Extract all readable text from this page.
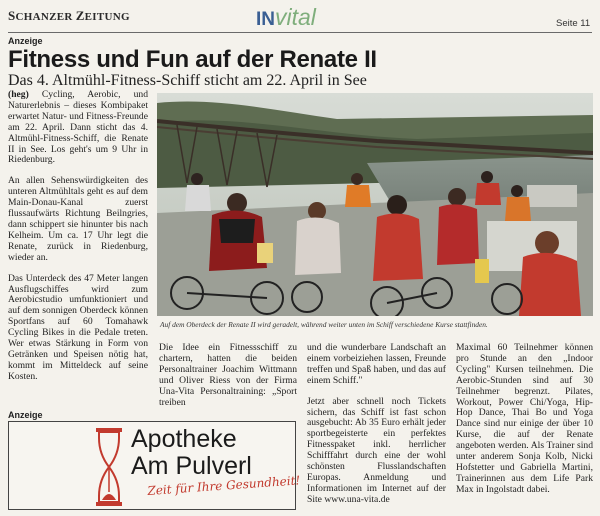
SCHANZER ZEITUNG	INvital	Seite 11
Anzeige
Fitness und Fun auf der Renate II
Das 4. Altmühl-Fitness-Schiff sticht am 22. April in See

(heg) Cycling, Aerobic, und Naturerlebnis – dieses Kombipaket erwartet Natur- und Fitness-Freunde am 22. April. Dann sticht das 4. Altmühl-Fitness-Schiff, die Renate II in See. Los geht's um 9 Uhr in Riedenburg.

An allen Sehenswürdigkeiten des unteren Altmühltals geht es auf dem Main-Donau-Kanal zuerst flussaufwärts Richtung Beilngries, dann schippert sie hinunter bis nach Kelheim. Um ca. 17 Uhr legt die Renate, zurück in Riedenburg, wieder an.

Das Unterdeck des 47 Meter langen Ausflugschiffes wird zum Aerobicstudio umfunktioniert und auf dem sonnigen Oberdeck können Sportfans auf 60 Tomahawk Cycling Bikes in die Pedale treten. Wer etwas Stärkung in Form von Getränken und Speisen nötig hat, kommt im Mitteldeck auf seine Kosten.

Auf dem Oberdeck der Renate II wird geradelt, während weiter unten im Schiff verschiedene Kurse stattfinden.

Die Idee ein Fitnessschiff zu chartern, hatten die beiden Personaltrainer Joachim Wittmann und Oliver Riess von der Firma Una-Vita Personaltraining: „Sport treiben

und die wunderbare Landschaft an einem vorbeiziehen lassen, Freunde treffen und Spaß haben, und das auf einem Schiff."

Jetzt aber schnell noch Tickets sichern, das Schiff ist fast schon ausgebucht: Ab 35 Euro erhält jeder sportbegeisterte ein perfektes Fitnesspaket inkl. herrlicher Schifffahrt durch eine der wohl schönsten Flusslandschaften Europas. Anmeldung und Informationen im Internet auf der Site www.una-vita.de

Maximal 60 Teilnehmer können pro Stunde an den „Indoor Cycling" Kursen teilnehmen. Die Aerobic-Stunden sind auf 30 Teilnehmer begrenzt. Pilates, Workout, Power Chi/Yoga, Hip-Hop Dance, Thai Bo und Yoga Dance sind nur einige der über 10 Kurse, die auf der Renate angeboten werden. Als Trainer sind unter anderem Sonja Kolb, Nicki Hofstetter und Gabriella Martini, Trainerinnen aus dem Life Park Max in Ingolstadt dabei.

Anzeige
Apotheke
Am Pulverl
Zeit für Ihre Gesundheit!
